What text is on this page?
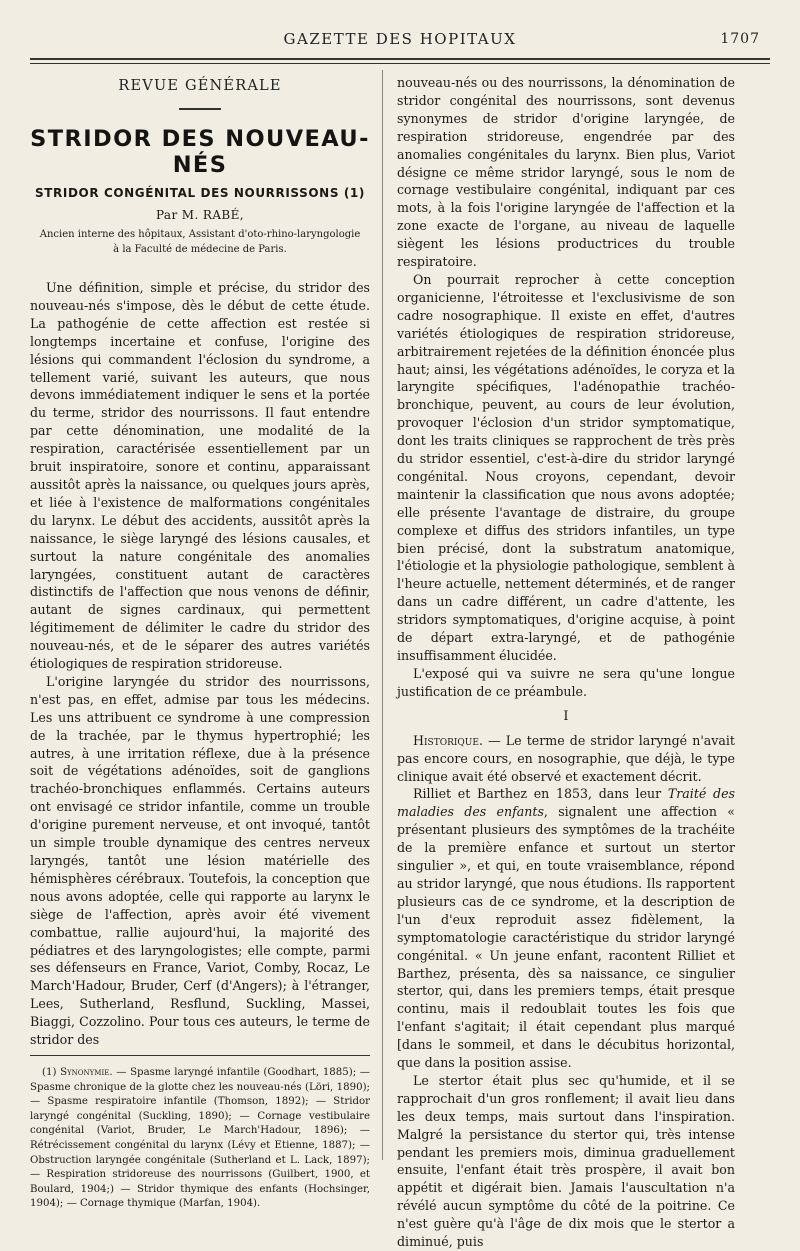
GAZETTE DES HOPITAUX	1707
REVUE GÉNÉRALE
STRIDOR DES NOUVEAU-NÉS
STRIDOR CONGÉNITAL DES NOURRISSONS (1)
Par M. RABÉ,
Ancien interne des hôpitaux, Assistant d'oto-rhino-laryngologie
à la Faculté de médecine de Paris.

Une définition, simple et précise, du stridor des nouveau-nés s'impose, dès le début de cette étude. La pathogénie de cette affection est restée si longtemps incertaine et confuse, l'origine des lésions qui commandent l'éclosion du syndrome, a tellement varié, suivant les auteurs, que nous devons immédiatement indiquer le sens et la portée du terme, stridor des nourrissons. Il faut entendre par cette dénomination, une modalité de la respiration, caractérisée essentiellement par un bruit inspiratoire, sonore et continu, apparaissant aussitôt après la naissance, ou quelques jours après, et liée à l'existence de malformations congénitales du larynx. Le début des accidents, aussitôt après la naissance, le siège laryngé des lésions causales, et surtout la nature congénitale des anomalies laryngées, constituent autant de caractères distinctifs de l'affection que nous venons de définir, autant de signes cardinaux, qui permettent légitimement de délimiter le cadre du stridor des nouveau-nés, et de le séparer des autres variétés étiologiques de respiration stridoreuse.

L'origine laryngée du stridor des nourrissons, n'est pas, en effet, admise par tous les médecins. Les uns attribuent ce syndrome à une compression de la trachée, par le thymus hypertrophié; les autres, à une irritation réflexe, due à la présence soit de végétations adénoïdes, soit de ganglions trachéo-bronchiques enflammés. Certains auteurs ont envisagé ce stridor infantile, comme un trouble d'origine purement nerveuse, et ont invoqué, tantôt un simple trouble dynamique des centres nerveux laryngés, tantôt une lésion matérielle des hémisphères cérébraux. Toutefois, la conception que nous avons adoptée, celle qui rapporte au larynx le siège de l'affection, après avoir été vivement combattue, rallie aujourd'hui, la majorité des pédiatres et des laryngologistes; elle compte, parmi ses défenseurs en France, Variot, Comby, Rocaz, Le March'Hadour, Bruder, Cerf (d'Angers); à l'étranger, Lees, Sutherland, Resflund, Suckling, Massei, Biaggi, Cozzolino. Pour tous ces auteurs, le terme de stridor des

(1) Synonymie. — Spasme laryngé infantile (Goodhart, 1885); — Spasme chronique de la glotte chez les nouveau-nés (Löri, 1890); — Spasme respiratoire infantile (Thomson, 1892); — Stridor laryngé congénital (Suckling, 1890); — Cornage vestibulaire congénital (Variot, Bruder, Le March'Hadour, 1896); — Rétrécissement congénital du larynx (Lévy et Etienne, 1887); — Obstruction laryngée congénitale (Sutherland et L. Lack, 1897); — Respiration stridoreuse des nourrissons (Guilbert, 1900, et Boulard, 1904;) — Stridor thymique des enfants (Hochsinger, 1904); — Cornage thymique (Marfan, 1904).

nouveau-nés ou des nourrissons, la dénomination de stridor congénital des nourrissons, sont devenus synonymes de stridor d'origine laryngée, de respiration stridoreuse, engendrée par des anomalies congénitales du larynx. Bien plus, Variot désigne ce même stridor laryngé, sous le nom de cornage vestibulaire congénital, indiquant par ces mots, à la fois l'origine laryngée de l'affection et la zone exacte de l'organe, au niveau de laquelle siègent les lésions productrices du trouble respiratoire.

On pourrait reprocher à cette conception organicienne, l'étroitesse et l'exclusivisme de son cadre nosographique. Il existe en effet, d'autres variétés étiologiques de respiration stridoreuse, arbitrairement rejetées de la définition énoncée plus haut; ainsi, les végétations adénoïdes, le coryza et la laryngite spécifiques, l'adénopathie trachéo-bronchique, peuvent, au cours de leur évolution, provoquer l'éclosion d'un stridor symptomatique, dont les traits cliniques se rapprochent de très près du stridor essentiel, c'est-à-dire du stridor laryngé congénital. Nous croyons, cependant, devoir maintenir la classification que nous avons adoptée; elle présente l'avantage de distraire, du groupe complexe et diffus des stridors infantiles, un type bien précisé, dont la substratum anatomique, l'étiologie et la physiologie pathologique, semblent à l'heure actuelle, nettement déterminés, et de ranger dans un cadre différent, un cadre d'attente, les stridors symptomatiques, d'origine acquise, à point de départ extra-laryngé, et de pathogénie insuffisamment élucidée.

L'exposé qui va suivre ne sera qu'une longue justification de ce préambule.

I

Historique. — Le terme de stridor laryngé n'avait pas encore cours, en nosographie, que déjà, le type clinique avait été observé et exactement décrit.

Rilliet et Barthez en 1853, dans leur Traité des maladies des enfants, signalent une affection « présentant plusieurs des symptômes de la trachéite de la première enfance et surtout un stertor singulier », et qui, en toute vraisemblance, répond au stridor laryngé, que nous étudions. Ils rapportent plusieurs cas de ce syndrome, et la description de l'un d'eux reproduit assez fidèlement, la symptomatologie caractéristique du stridor laryngé congénital. « Un jeune enfant, racontent Rilliet et Barthez, présenta, dès sa naissance, ce singulier stertor, qui, dans les premiers temps, était presque continu, mais il redoublait toutes les fois que l'enfant s'agitait; il était cependant plus marqué [dans le sommeil, et dans le décubitus horizontal, que dans la position assise.

Le stertor était plus sec qu'humide, et il se rapprochait d'un gros ronflement; il avait lieu dans les deux temps, mais surtout dans l'inspiration. Malgré la persistance du stertor qui, très intense pendant les premiers mois, diminua graduellement ensuite, l'enfant était très prospère, il avait bon appétit et digérait bien. Jamais l'auscultation n'a révélé aucun symptôme du côté de la poitrine. Ce n'est guère qu'à l'âge de dix mois que le stertor a diminué, puis
